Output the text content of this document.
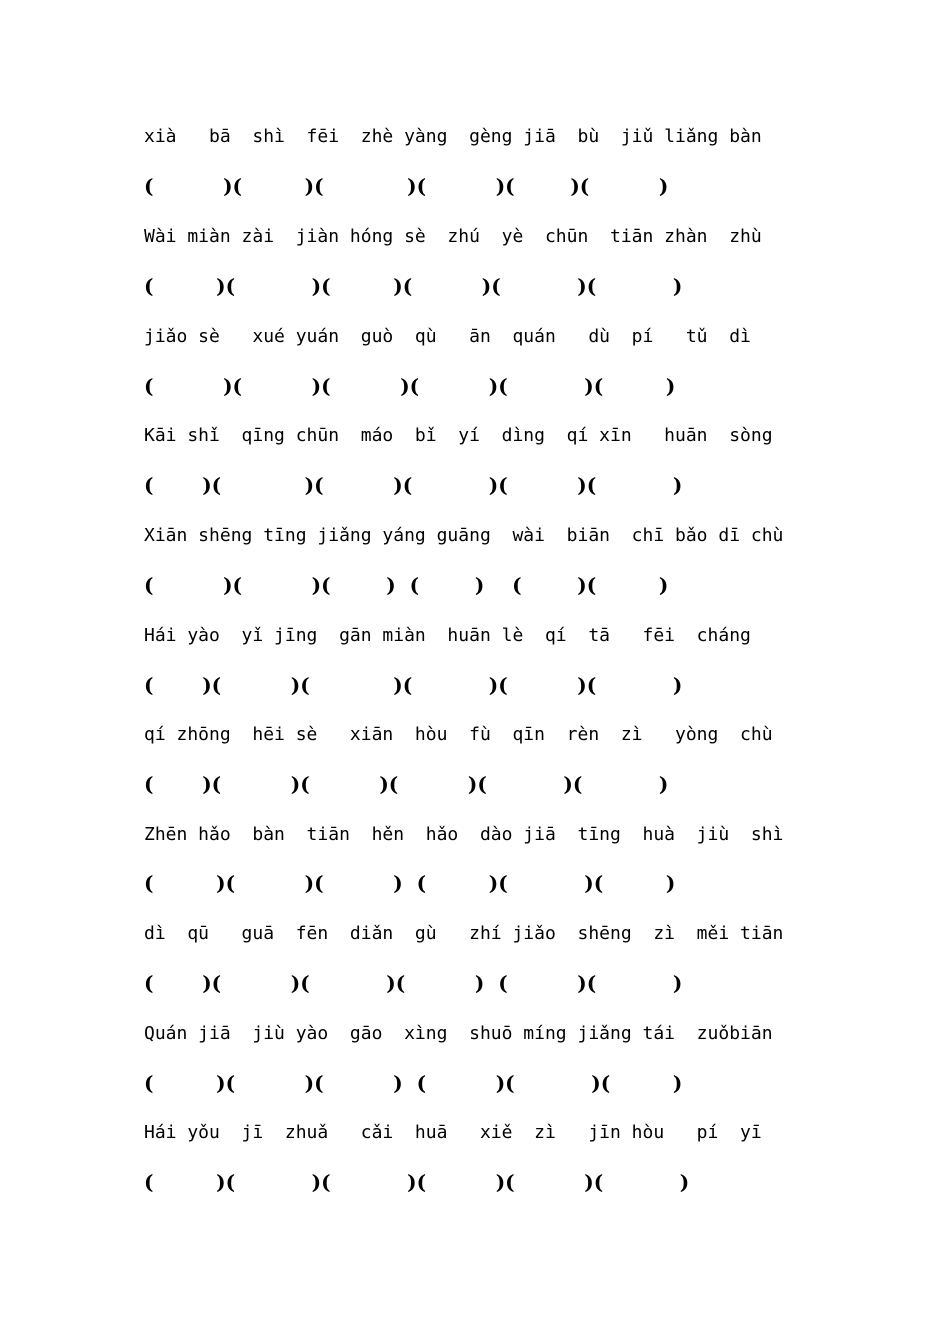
xià   bā  shì  fēi  zhè yàng  gèng jiā  bù  jiǔ liǎng bàn
(          )(         )(            )(          )(        )(          )
Wài miàn zài  jiàn hóng sè  zhú  yè  chūn  tiān zhàn  zhù
(         )(           )(         )(          )(           )(           )
jiǎo sè   xué yuán  guò  qù   ān  quán   dù  pí   tǔ  dì
(          )(          )(          )(          )(           )(         )
Kāi shǐ  qīng chūn  máo  bǐ  yí  dìng  qí xīn   huān  sòng
(       )(            )(          )(           )(          )(           )
Xiān shēng tīng jiǎng yáng guāng  wài  biān  chī bǎo dī chù
(          )(          )(        )  (        )    (        )(         )
Hái yào  yǐ jīng  gān miàn  huān lè  qí  tā   fēi  cháng
(       )(          )(            )(           )(          )(           )
qí zhōng  hēi sè   xiān  hòu  fù  qīn  rèn  zì   yòng  chù
(       )(          )(          )(          )(           )(           )
Zhēn hǎo  bàn  tiān  hěn  hǎo  dào jiā  tīng  huà  jiù  shì
(         )(          )(          )  (         )(           )(         )
dì  qū   guā  fēn  diǎn  gù   zhí jiǎo  shēng  zì  měi tiān
(       )(          )(           )(          )  (          )(           )
Quán jiā  jiù yào  gāo  xìng  shuō míng jiǎng tái  zuǒbiān
(         )(          )(          )  (          )(           )(         )
Hái yǒu  jī  zhuǎ   cǎi  huā   xiě  zì   jīn hòu   pí  yī
(         )(           )(           )(          )(          )(           )
